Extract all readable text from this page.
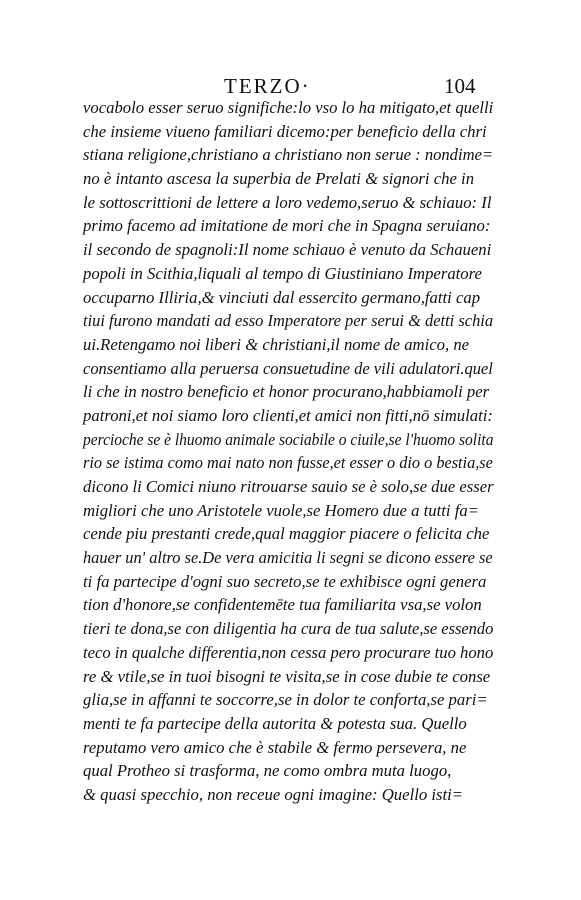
TERZO·	104
vocabolo esser seruo significhe:lo vso lo ha mitigato,et quelli
che insieme viueno familiari dicemo:per beneficio della chri
stiana religione,christiano a christiano non serue : nondime=
no è intanto ascesa la superbia de Prelati & signori che in
le sottoscrittioni de lettere a loro vedemo,seruo & schiauo: Il
primo facemo ad imitatione de mori che in Spagna seruiano:
il secondo de spagnoli:Il nome schiauo è venuto da Schaueni
popoli in Scithia,liquali al tempo di Giustiniano Imperatore
occuparno Illiria,& vinciuti dal essercito germano,fatti cap
tiui furono mandati ad esso Imperatore per serui & detti schia
ui.Retengamo noi liberi & christiani,il nome de amico, ne
consentiamo alla peruersa consuetudine de vili adulatori.quel
li che in nostro beneficio et honor procurano,habbiamoli per
patroni,et noi siamo loro clienti,et amici non fitti,nō simulati:
percioche se è lhuomo animale sociabile o ciuile,se l'huomo solita
rio se istima como mai nato non fusse,et esser o dio o bestia,se
dicono li Comici niuno ritrouarse sauio se è solo,se due esser
migliori che uno Aristotele vuole,se Homero due a tutti fa=
cende piu prestanti crede,qual maggior piacere o felicita che
hauer un' altro se.De vera amicitia li segni se dicono essere se
ti fa partecipe d'ogni suo secreto,se te exhibisce ogni genera
tion d'honore,se confidentemēte tua familiarita vsa,se volon
tieri te dona,se con diligentia ha cura de tua salute,se essendo
teco in qualche differentia,non cessa pero procurare tuo hono
re & vtile,se in tuoi bisogni te visita,se in cose dubie te conse
glia,se in affanni te soccorre,se in dolor te conforta,se pari=
menti te fa partecipe della autorita & potesta sua. Quello
reputamo vero amico che è stabile & fermo persevera, ne
qual Protheo si trasforma, ne como ombra muta luogo,
& quasi specchio, non receue ogni imagine: Quello isti=
